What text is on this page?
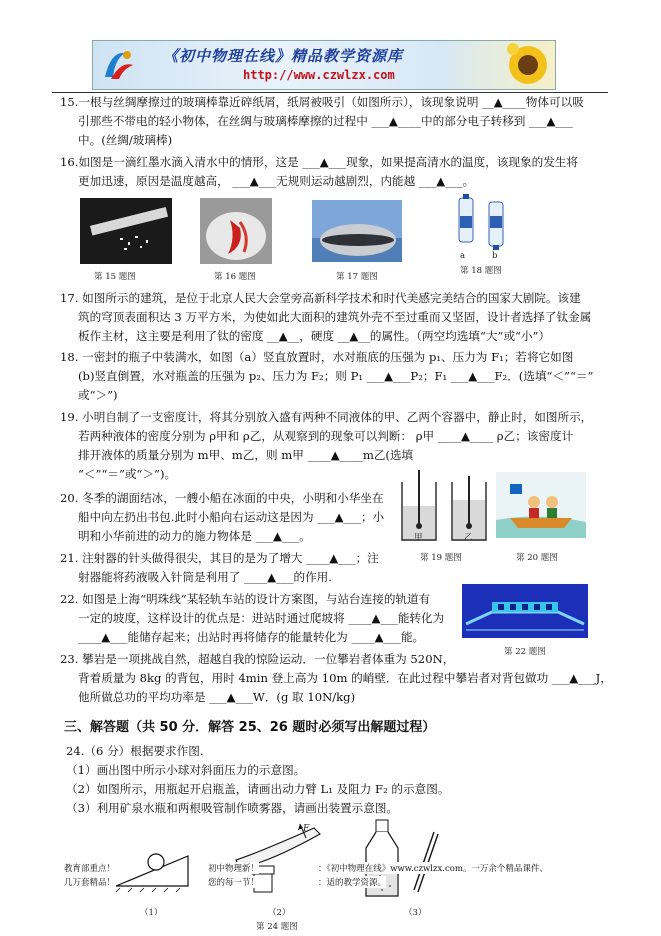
《初中物理在线》精品教学资源库
http://www.czwlzx.com
15.一根与丝绸摩擦过的玻璃棒靠近碎纸屑，纸屑被吸引（如图所示），该现象说明 __▲____物体可以吸
引那些不带电的轻小物体，在丝绸与玻璃棒摩擦的过程中 ___▲____中的部分电子转移到 ___▲___
中。(丝绸/玻璃棒)
16.如图是一滴红墨水滴入清水中的情形，这是 ___▲___现象，如果提高清水的温度，该现象的发生将
更加迅速，原因是温度越高， ___▲___无规则运动越剧烈，内能越 ___▲___。
a	b
第 15 题图	第 16 题图	第 17 题图
第 18 题图
17. 如图所示的建筑，是位于北京人民大会堂旁高新科学技术和时代美感完美结合的国家大剧院。该建
筑的穹顶表面积达 3 万平方米，为使如此大面积的建筑外壳不至过重而又坚固，设计者选择了钛金属
板作主材，这主要是利用了钛的密度 __▲__，硬度 __▲__的属性。（两空均选填“大”或“小”）
18. 一密封的瓶子中装满水，如图（a）竖直放置时，水对瓶底的压强为 p₁、压力为 F₁；若将它如图
(b)竖直倒置，水对瓶盖的压强为 p₂、压力为 F₂；则 P₁ ___▲___P₂；F₁ ___▲___F₂．(选填“＜”“＝”
或“＞”)
19. 小明自制了一支密度计，将其分别放入盛有两种不同液体的甲、乙两个容器中，静止时，如图所示，
若两种液体的密度分别为 ρ甲和 ρ乙，从观察到的现象可以判断： ρ甲 ____▲____ ρ乙；该密度计
排开液体的质量分别为 m甲、m乙，则 m甲 ____▲____m乙(选填
“＜”“＝”或“＞”)。
甲	乙
第 19 题图	第 20 题图
20. 冬季的湖面结冰，一艘小船在冰面的中央，小明和小华坐在
船中向左扔出书包.此时小船向右运动这是因为 ___▲___；小
明和小华前进的动力的施力物体是 ___▲___。
21. 注射器的针头做得很尖，其目的是为了增大 ____▲___；注
射器能将药液吸入针筒是利用了 ____▲___的作用.
22. 如图是上海“明珠线”某轻轨车站的设计方案图，与站台连接的轨道有
一定的坡度，这样设计的优点是：进站时通过爬坡将 ____▲___能转化为
____▲___能储存起来；出站时再将储存的能量转化为 ____▲___能。
第 22 题图
23. 攀岩是一项挑战自然，超越自我的惊险运动．一位攀岩者体重为 520N，
背着质量为 8kg 的背包，用时 4min 登上高为 10m 的峭壁．在此过程中攀岩者对背包做功 ___▲___J，
他所做总功的平均功率是 ___▲___W．(g 取 10N/kg)
三、解答题（共 50 分．解答 25、26 题时必须写出解题过程）
24.（6 分）根据要求作图.
（1）画出图中所示小球对斜面压力的示意图。
（2）如图所示，用瓶起开启瓶盖，请画出动力臂 L₁ 及阻力 F₂ 的示意图。
（3）利用矿泉水瓶和两根吸管制作喷雾器，请画出装置示意图。
F
教育部重点！
几万套精品！
初中物理新！
您的每一节！
：《初中物理在线》www.czwlzx.com。一万余个精品课件、
：适的教学资源。
（1）	（2）	（3）
第 24 题图
